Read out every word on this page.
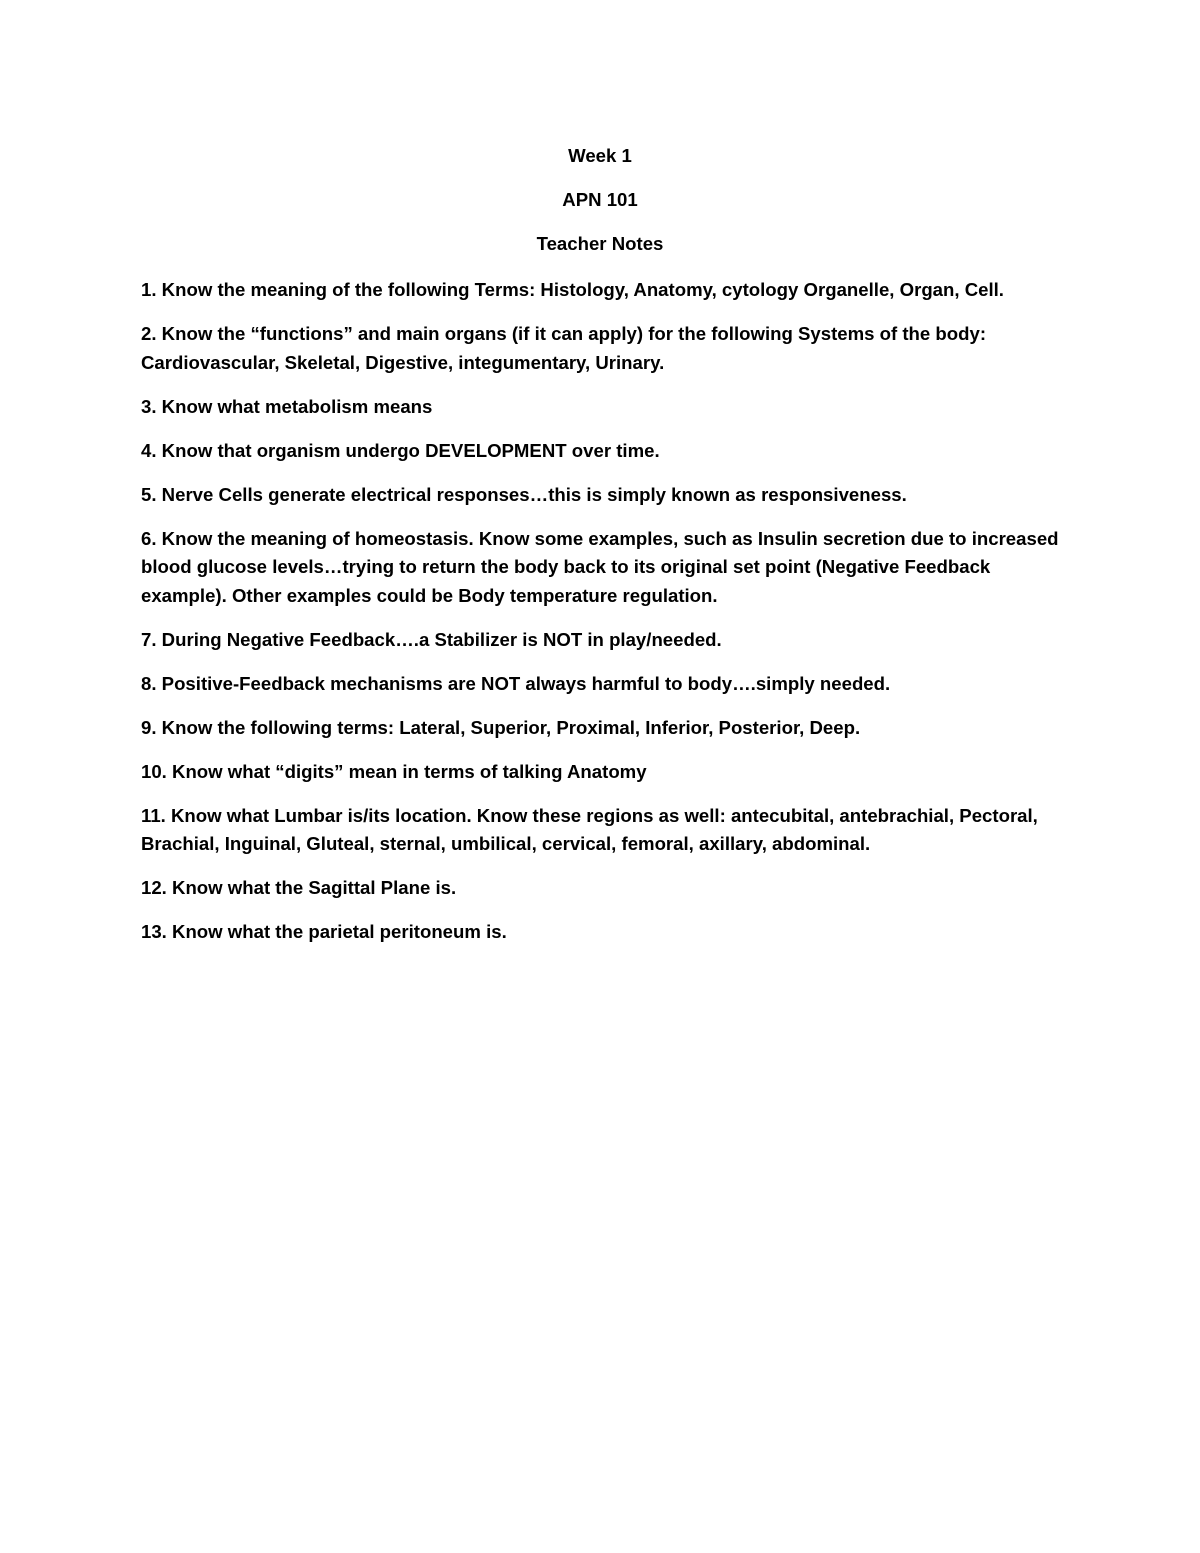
Week 1

APN 101

Teacher Notes

1. Know the meaning of the following Terms: Histology, Anatomy, cytology Organelle, Organ, Cell.
2. Know the “functions” and main organs (if it can apply) for the following Systems of the body: Cardiovascular, Skeletal, Digestive, integumentary, Urinary.
3. Know what metabolism means
4. Know that organism undergo DEVELOPMENT over time.
5. Nerve Cells generate electrical responses…this is simply known as responsiveness.
6. Know the meaning of homeostasis. Know some examples, such as Insulin secretion due to increased blood glucose levels…trying to return the body back to its original set point (Negative Feedback example). Other examples could be Body temperature regulation.
7. During Negative Feedback….a Stabilizer is NOT in play/needed.
8. Positive-Feedback mechanisms are NOT always harmful to body….simply needed.
9. Know the following terms: Lateral, Superior, Proximal, Inferior, Posterior, Deep.
10. Know what “digits” mean in terms of talking Anatomy
11. Know what Lumbar is/its location. Know these regions as well: antecubital, antebrachial, Pectoral, Brachial, Inguinal, Gluteal, sternal, umbilical, cervical, femoral, axillary, abdominal.
12. Know what the Sagittal Plane is.
13. Know what the parietal peritoneum is.
